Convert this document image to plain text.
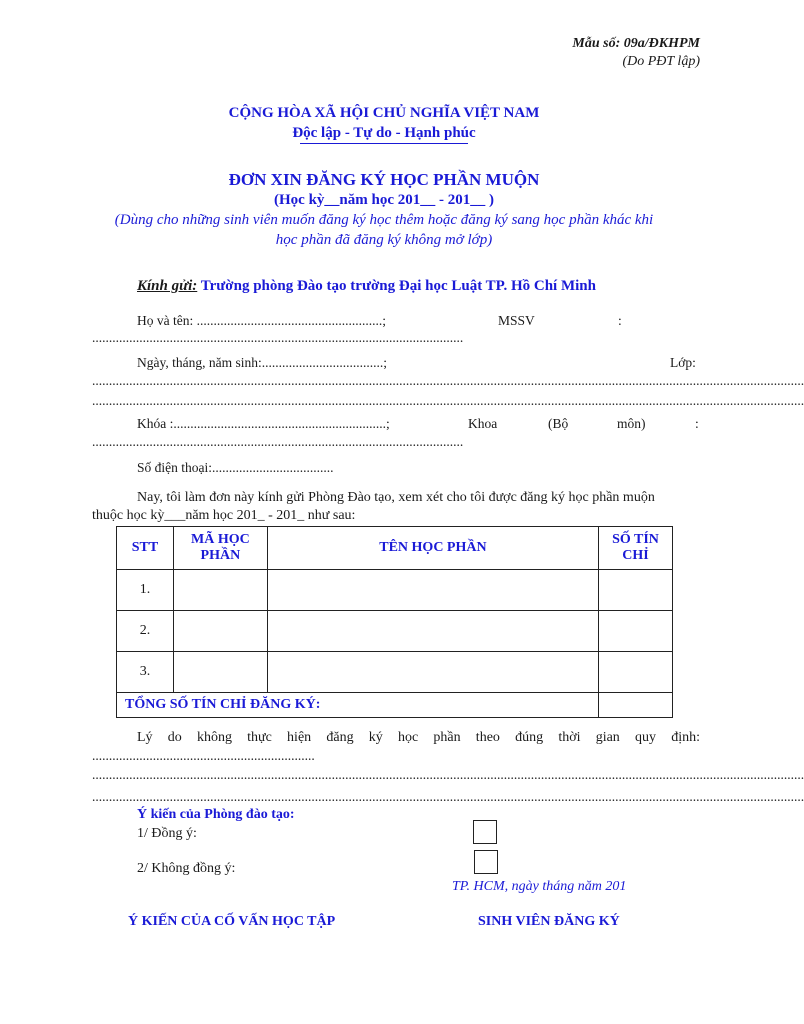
Mẫu số: 09a/ĐKHPM
(Do PĐT lập)
CỘNG HÒA XÃ HỘI CHỦ NGHĨA VIỆT NAM
Độc lập - Tự do - Hạnh phúc
ĐƠN XIN ĐĂNG KÝ HỌC PHẦN MUỘN
(Học kỳ__năm học 201__ - 201__ )
(Dùng cho những sinh viên muốn đăng ký học thêm hoặc đăng ký sang học phần khác khi
học phần đã đăng ký không mở lớp)
Kính gửi: Trường phòng Đào tạo trường Đại học Luật TP. Hồ Chí Minh
Họ và tên: .......................................................;	MSSV	:
..............................................................................................................
Ngày, tháng, năm sinh:....................................;	Lớp:
...................................................................................................................................................................................................................
...................................................................................................................................................................................................................
Khóa :...............................................................;	Khoa	(Bộ	môn)	:
..............................................................................................................
Số điện thoại:....................................
Nay, tôi làm đơn này kính gửi Phòng Đào tạo, xem xét cho tôi được đăng ký học phần muộn
thuộc học kỳ___năm học 201_ - 201_ như sau:
STT	MÃ HỌC PHẦN	TÊN HỌC PHẦN	SỐ TÍN CHỈ

1.			
2.			
3.			
TỔNG SỐ TÍN CHỈ ĐĂNG KÝ:			
Lý do không thực hiện đăng ký học phần theo đúng thời gian quy định:
..................................................................
...................................................................................................................................................................................................................
...................................................................................................................................................................................................................
Ý kiến của Phòng đào tạo:
1/ Đồng ý:
2/ Không đồng ý:
TP. HCM, ngày tháng năm 201
Ý KIẾN CỦA CỐ VẤN HỌC TẬP	SINH VIÊN ĐĂNG KÝ
